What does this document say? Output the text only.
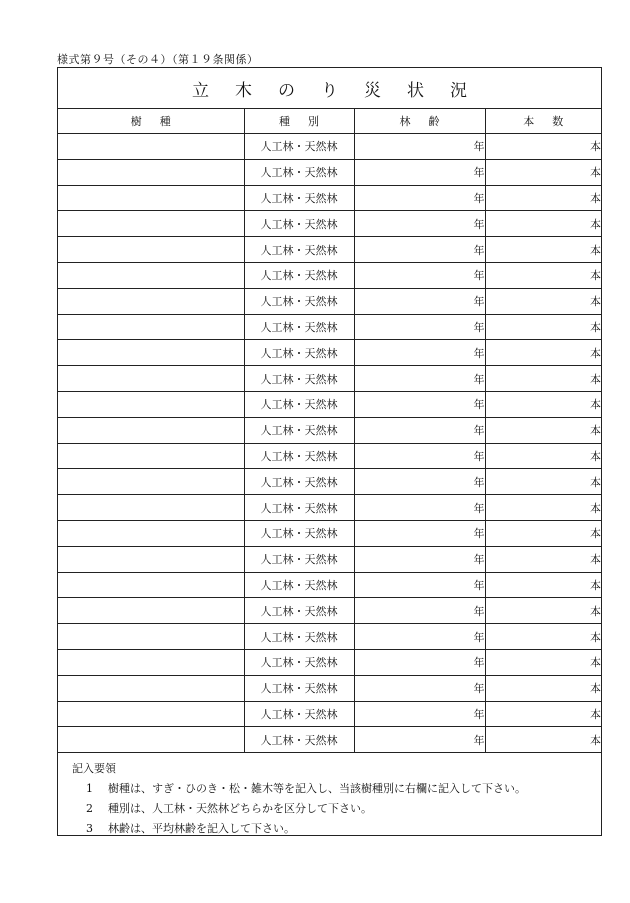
様式第９号（その４）（第１９条関係）
立木のり災状況
樹種	種別	林齢	本数
	人工林・天然林	年	本
	人工林・天然林	年	本
	人工林・天然林	年	本
	人工林・天然林	年	本
	人工林・天然林	年	本
	人工林・天然林	年	本
	人工林・天然林	年	本
	人工林・天然林	年	本
	人工林・天然林	年	本
	人工林・天然林	年	本
	人工林・天然林	年	本
	人工林・天然林	年	本
	人工林・天然林	年	本
	人工林・天然林	年	本
	人工林・天然林	年	本
	人工林・天然林	年	本
	人工林・天然林	年	本
	人工林・天然林	年	本
	人工林・天然林	年	本
	人工林・天然林	年	本
	人工林・天然林	年	本
	人工林・天然林	年	本
	人工林・天然林	年	本
	人工林・天然林	年	本
記入要領
1 樹種は、すぎ・ひのき・松・雑木等を記入し、当該樹種別に右欄に記入して下さい。
2 種別は、人工林・天然林どちらかを区分して下さい。
3 林齢は、平均林齢を記入して下さい。
